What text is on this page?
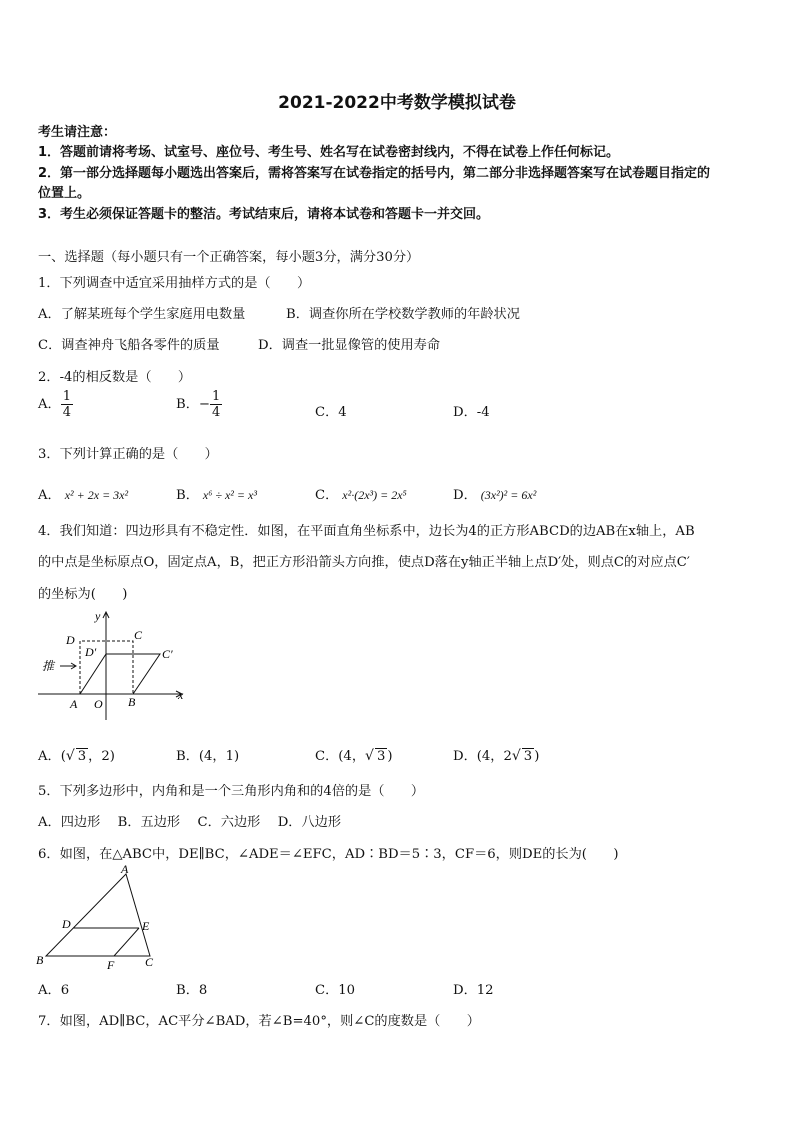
2021-2022中考数学模拟试卷
考生请注意：
1．答题前请将考场、试室号、座位号、考生号、姓名写在试卷密封线内，不得在试卷上作任何标记。
2．第一部分选择题每小题选出答案后，需将答案写在试卷指定的括号内，第二部分非选择题答案写在试卷题目指定的
位置上。
3．考生必须保证答题卡的整洁。考试结束后，请将本试卷和答题卡一并交回。
一、选择题（每小题只有一个正确答案，每小题3分，满分30分）
1．下列调查中适宜采用抽样方式的是（　　）
A．了解某班每个学生家庭用电数量	B．调查你所在学校数学教师的年龄状况
C．调查神舟飞船各零件的质量	D．调查一批显像管的使用寿命
2．-4的相反数是（　　）
A． $\frac{1}{4}$	B．− $\frac{1}{4}$	C．4	D．-4
3．下列计算正确的是（　　）
A． x² + 2x = 3x²	B． x⁶ ÷ x² = x³	C． x²·(2x³) = 2x⁵	D． (3x²)² = 6x²
4．我们知道：四边形具有不稳定性．如图，在平面直角坐标系中，边长为4的正方形ABCD的边AB在x轴上，AB
的中点是坐标原点O，固定点A，B，把正方形沿箭头方向推，使点D落在y轴正半轴上点D′处，则点C的对应点C′
的坐标为(　　)
推
D	C
D′	C′
A O B	x
y
A．(√ 3 ，2)	B．(4，1)	C．(4，√ 3 )	D．(4，2√ 3 )
5．下列多边形中，内角和是一个三角形内角和的4倍的是（　　）
A．四边形　 B．五边形　 C．六边形　 D．八边形
6．如图，在△ABC中，DE∥BC，∠ADE＝∠EFC，AD∶BD＝5∶3，CF＝6，则DE的长为(　　)
A
D	E
B	F	C
A．6	B．8	C．10	D．12
7．如图，AD∥BC，AC平分∠BAD，若∠B=40°，则∠C的度数是（　　）
